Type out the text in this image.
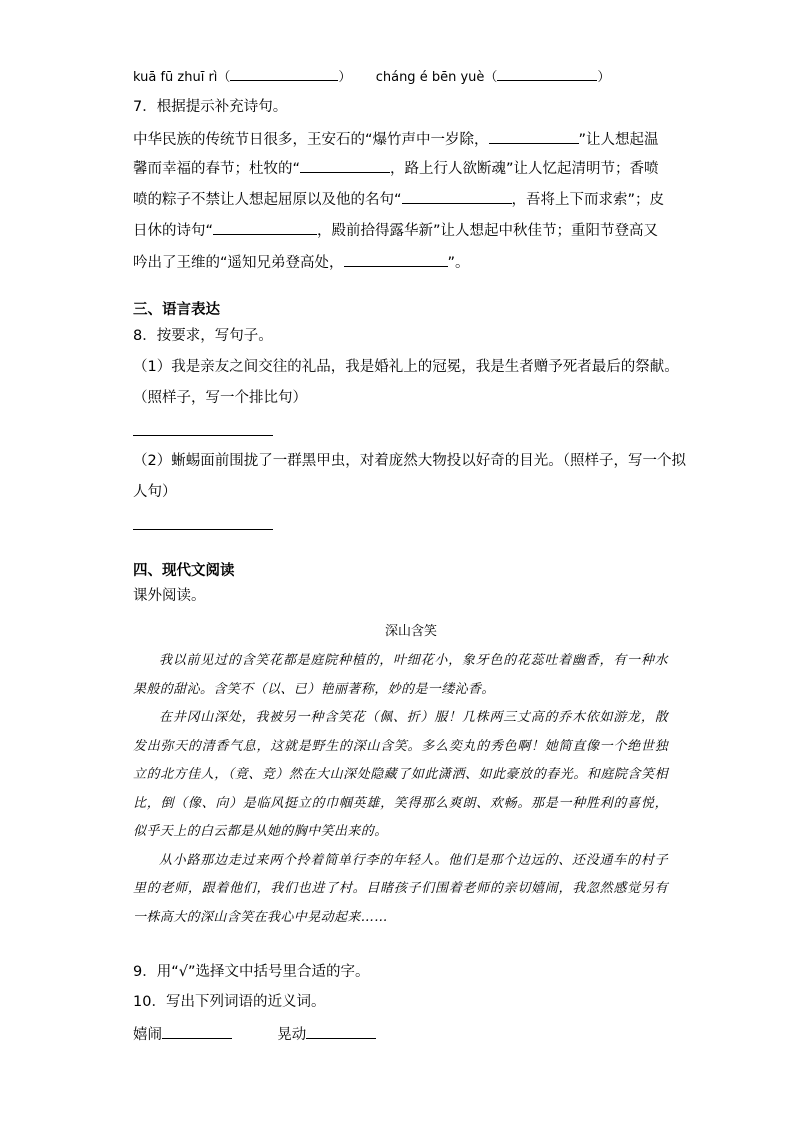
kuā fū zhuī rì（	） cháng é bēn yuè（	）
7．根据提示补充诗句。
中华民族的传统节日很多，王安石的“爆竹声中一岁除，	”让人想起温
馨而幸福的春节；杜牧的“	，路上行人欲断魂”让人忆起清明节；香喷
喷的粽子不禁让人想起屈原以及他的名句“	，吾将上下而求索”；皮
日休的诗句“	，殿前拾得露华新”让人想起中秋佳节；重阳节登高又
吟出了王维的“遥知兄弟登高处，	”。
三、语言表达
8．按要求，写句子。
（1）我是亲友之间交往的礼品，我是婚礼上的冠冕，我是生者赠予死者最后的祭献。
（照样子，写一个排比句）
（2）蜥蜴面前围拢了一群黑甲虫，对着庞然大物投以好奇的目光。（照样子，写一个拟
人句）
四、现代文阅读
课外阅读。
深山含笑

我以前见过的含笑花都是庭院种植的，叶细花小，象牙色的花蕊吐着幽香，有一种水果般的甜沁。含笑不（以、已）艳丽著称，妙的是一缕沁香。

在井冈山深处，我被另一种含笑花（佩、折）服！几株两三丈高的乔木依如游龙，散发出弥天的清香气息，这就是野生的深山含笑。多么奕丸的秀色啊！她简直像一个绝世独立的北方佳人，（竟、竞）然在大山深处隐藏了如此潇洒、如此豪放的春光。和庭院含笑相比，倒（像、向）是临风挺立的巾帼英雄，笑得那么爽朗、欢畅。那是一种胜利的喜悦，似乎天上的白云都是从她的胸中笑出来的。

从小路那边走过来两个拎着简单行李的年轻人。他们是那个边远的、还没通车的村子里的老师，跟着他们，我们也进了村。目睹孩子们围着老师的亲切嬉闹，我忽然感觉另有一株高大的深山含笑在我心中晃动起来……

9．用“√”选择文中括号里合适的字。
10．写出下列词语的近义词。
嬉闹	晃动
